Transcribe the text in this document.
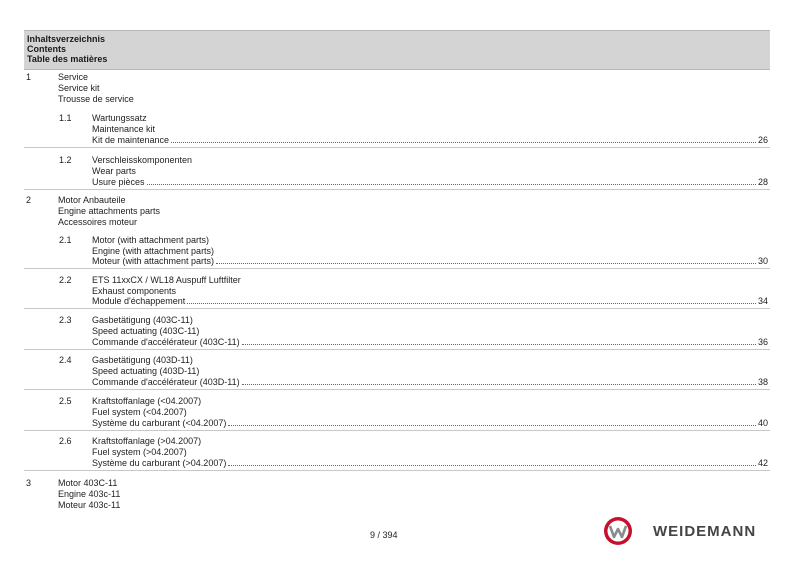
Inhaltsverzeichnis
Contents
Table des matières
1	Service
Service kit
Trousse de service
1.1 Wartungssatz
Maintenance kit
Kit de maintenance	26
1.2 Verschleisskomponenten
Wear parts
Usure pièces	28
2	Motor Anbauteile
Engine attachments parts
Accessoires moteur
2.1 Motor (with attachment parts)
Engine (with attachment parts)
Moteur (with attachment parts)	30
2.2 ETS 11xxCX / WL18 Auspuff Luftfilter
Exhaust components
Module d'échappement	34
2.3 Gasbetätigung (403C-11)
Speed actuating (403C-11)
Commande d'accélérateur (403C-11)	36
2.4 Gasbetätigung (403D-11)
Speed actuating (403D-11)
Commande d'accélérateur (403D-11)	38
2.5 Kraftstoffanlage (<04.2007)
Fuel system (<04.2007)
Système du carburant (<04.2007)	40
2.6 Kraftstoffanlage (>04.2007)
Fuel system (>04.2007)
Système du carburant (>04.2007)	42
3	Motor 403C-11
Engine 403c-11
Moteur 403c-11
9 / 394	WEIDEMANN
